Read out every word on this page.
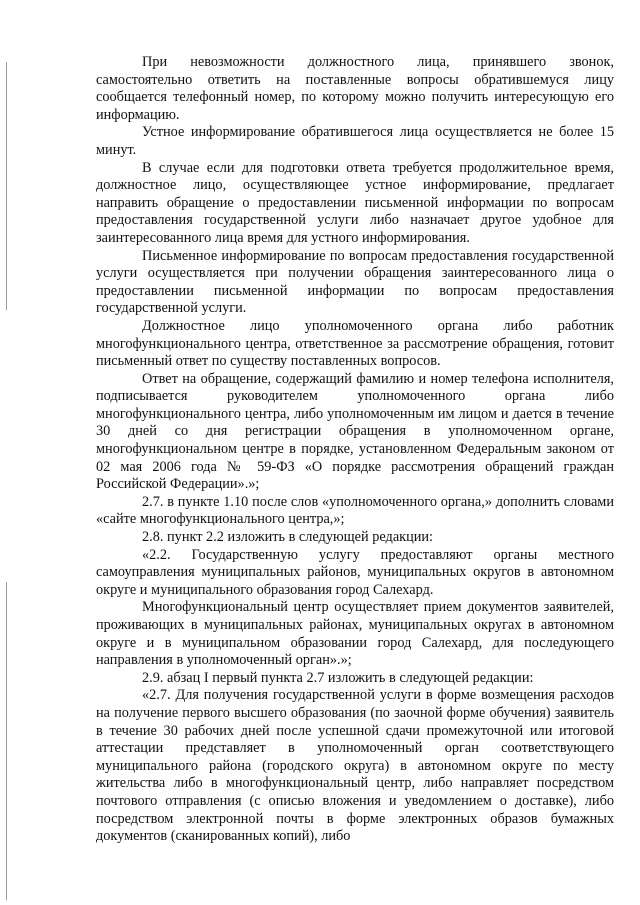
При невозможности должностного лица, принявшего звонок, самостоятельно ответить на поставленные вопросы обратившемуся лицу сообщается телефонный номер, по которому можно получить интересующую его информацию.

Устное информирование обратившегося лица осуществляется не более 15 минут.

В случае если для подготовки ответа требуется продолжительное время, должностное лицо, осуществляющее устное информирование, предлагает направить обращение о предоставлении письменной информации по вопросам предоставления государственной услуги либо назначает другое удобное для заинтересованного лица время для устного информирования.

Письменное информирование по вопросам предоставления государственной услуги осуществляется при получении обращения заинтересованного лица о предоставлении письменной информации по вопросам предоставления государственной услуги.

Должностное лицо уполномоченного органа либо работник многофункционального центра, ответственное за рассмотрение обращения, готовит письменный ответ по существу поставленных вопросов.

Ответ на обращение, содержащий фамилию и номер телефона исполнителя, подписывается руководителем уполномоченного органа либо многофункционального центра, либо уполномоченным им лицом и дается в течение 30 дней со дня регистрации обращения в уполномоченном органе, многофункциональном центре в порядке, установленном Федеральным законом от 02 мая 2006 года № 59-ФЗ «О порядке рассмотрения обращений граждан Российской Федерации».»;

2.7. в пункте 1.10 после слов «уполномоченного органа,» дополнить словами «сайте многофункционального центра,»;

2.8. пункт 2.2 изложить в следующей редакции:

«2.2. Государственную услугу предоставляют органы местного самоуправления муниципальных районов, муниципальных округов в автономном округе и муниципального образования город Салехард.

Многофункциональный центр осуществляет прием документов заявителей, проживающих в муниципальных районах, муниципальных округах в автономном округе и в муниципальном образовании город Салехард, для последующего направления в уполномоченный орган».»;

2.9. абзац I первый пункта 2.7 изложить в следующей редакции:

«2.7. Для получения государственной услуги в форме возмещения расходов на получение первого высшего образования (по заочной форме обучения) заявитель в течение 30 рабочих дней после успешной сдачи промежуточной или итоговой аттестации представляет в уполномоченный орган соответствующего муниципального района (городского округа) в автономном округе по месту жительства либо в многофункциональный центр, либо направляет посредством почтового отправления (с описью вложения и уведомлением о доставке), либо посредством электронной почты в форме электронных образов бумажных документов (сканированных копий), либо
